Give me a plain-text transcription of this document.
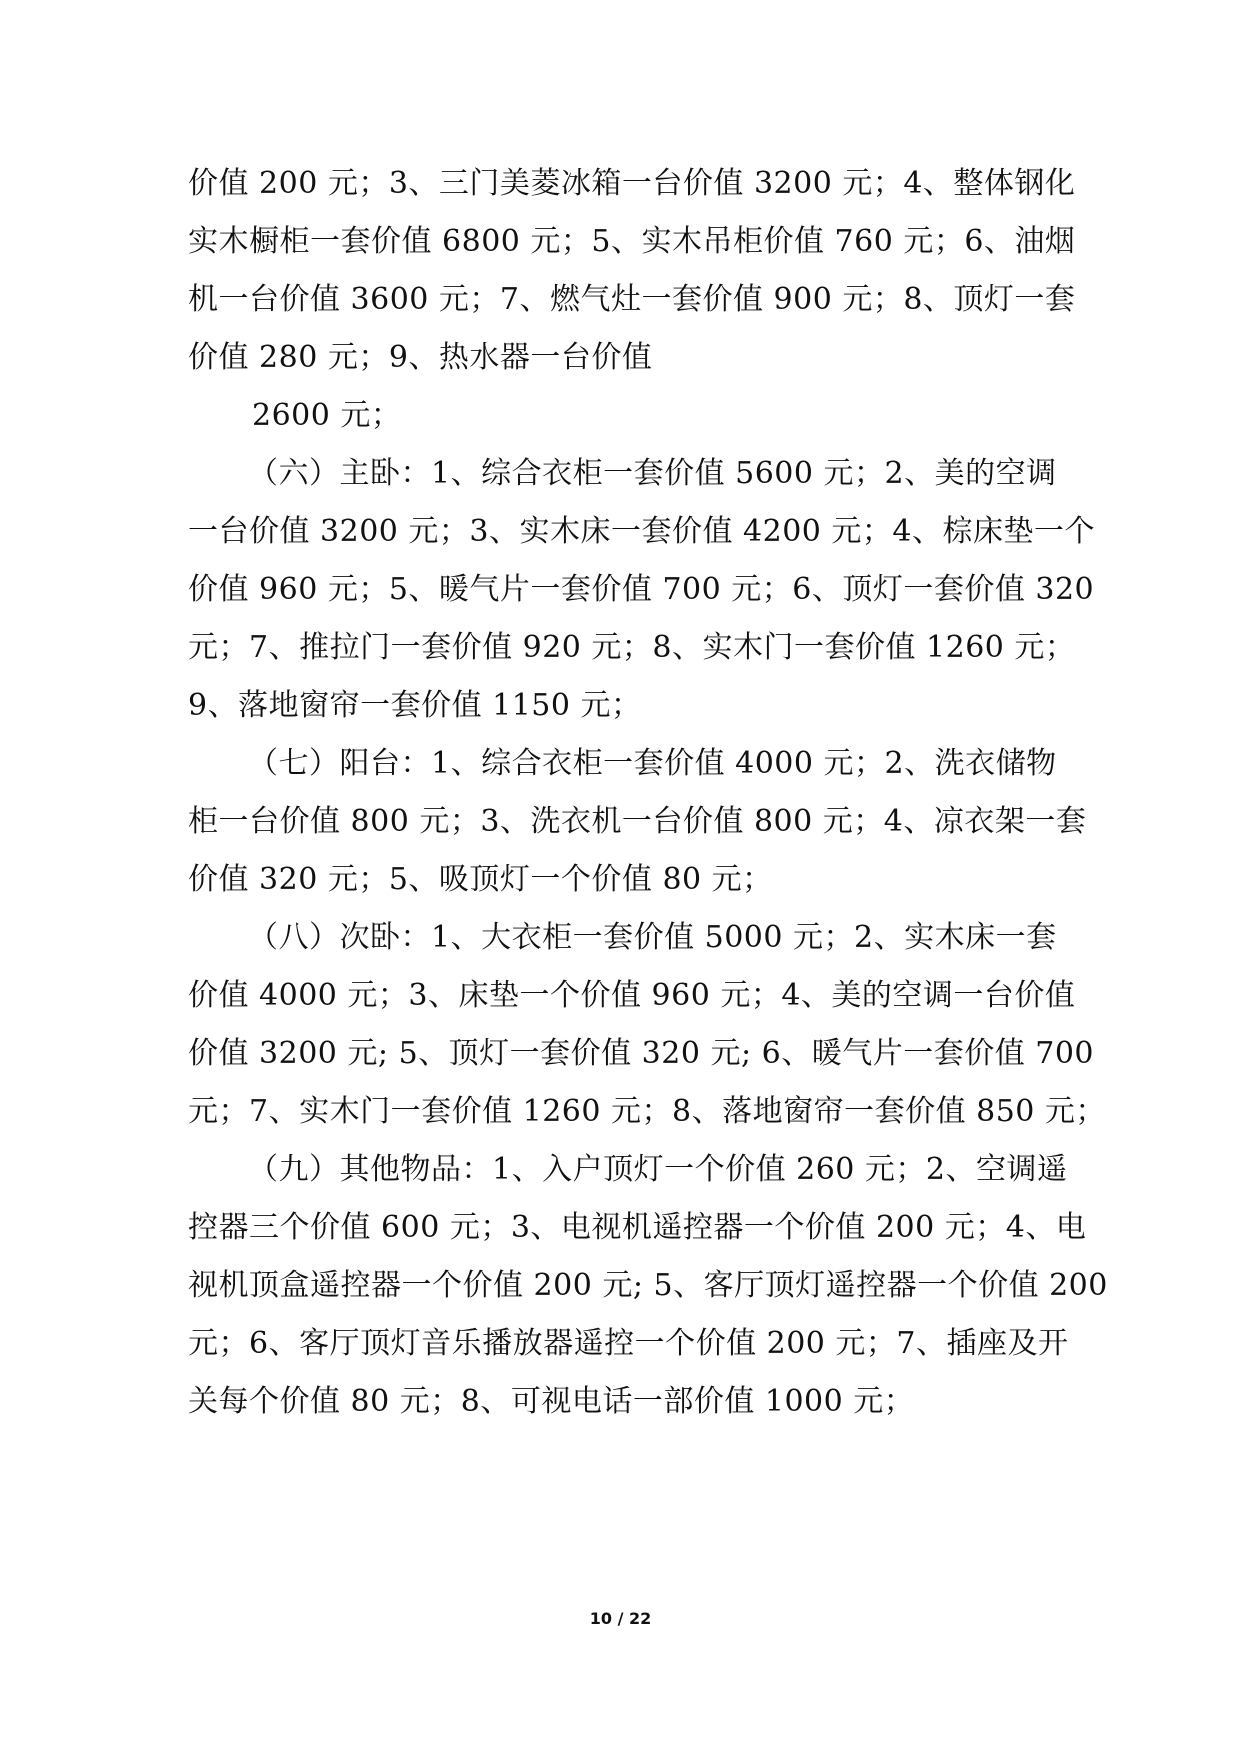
价值 200 元；3、三门美菱冰箱一台价值 3200 元；4、整体钢化
实木橱柜一套价值 6800 元；5、实木吊柜价值 760 元；6、油烟
机一台价值 3600 元；7、燃气灶一套价值 900 元；8、顶灯一套
价值 280 元；9、热水器一台价值
2600 元；
（六）主卧：1、综合衣柜一套价值 5600 元；2、美的空调
一台价值 3200 元；3、实木床一套价值 4200 元；4、棕床垫一个
价值 960 元；5、暖气片一套价值 700 元；6、顶灯一套价值 320
元；7、推拉门一套价值 920 元；8、实木门一套价值 1260 元；
9、落地窗帘一套价值 1150 元；
（七）阳台：1、综合衣柜一套价值 4000 元；2、洗衣储物
柜一台价值 800 元；3、洗衣机一台价值 800 元；4、凉衣架一套
价值 320 元；5、吸顶灯一个价值 80 元；
（八）次卧：1、大衣柜一套价值 5000 元；2、实木床一套
价值 4000 元；3、床垫一个价值 960 元；4、美的空调一台价值
价值 3200 元; 5、顶灯一套价值 320 元; 6、暖气片一套价值 700
元；7、实木门一套价值 1260 元；8、落地窗帘一套价值 850 元；
（九）其他物品：1、入户顶灯一个价值 260 元；2、空调遥
控器三个价值 600 元；3、电视机遥控器一个价值 200 元；4、电
视机顶盒遥控器一个价值 200 元; 5、客厅顶灯遥控器一个价值 200
元；6、客厅顶灯音乐播放器遥控一个价值 200 元；7、插座及开
关每个价值 80 元；8、可视电话一部价值 1000 元；
10 / 22
